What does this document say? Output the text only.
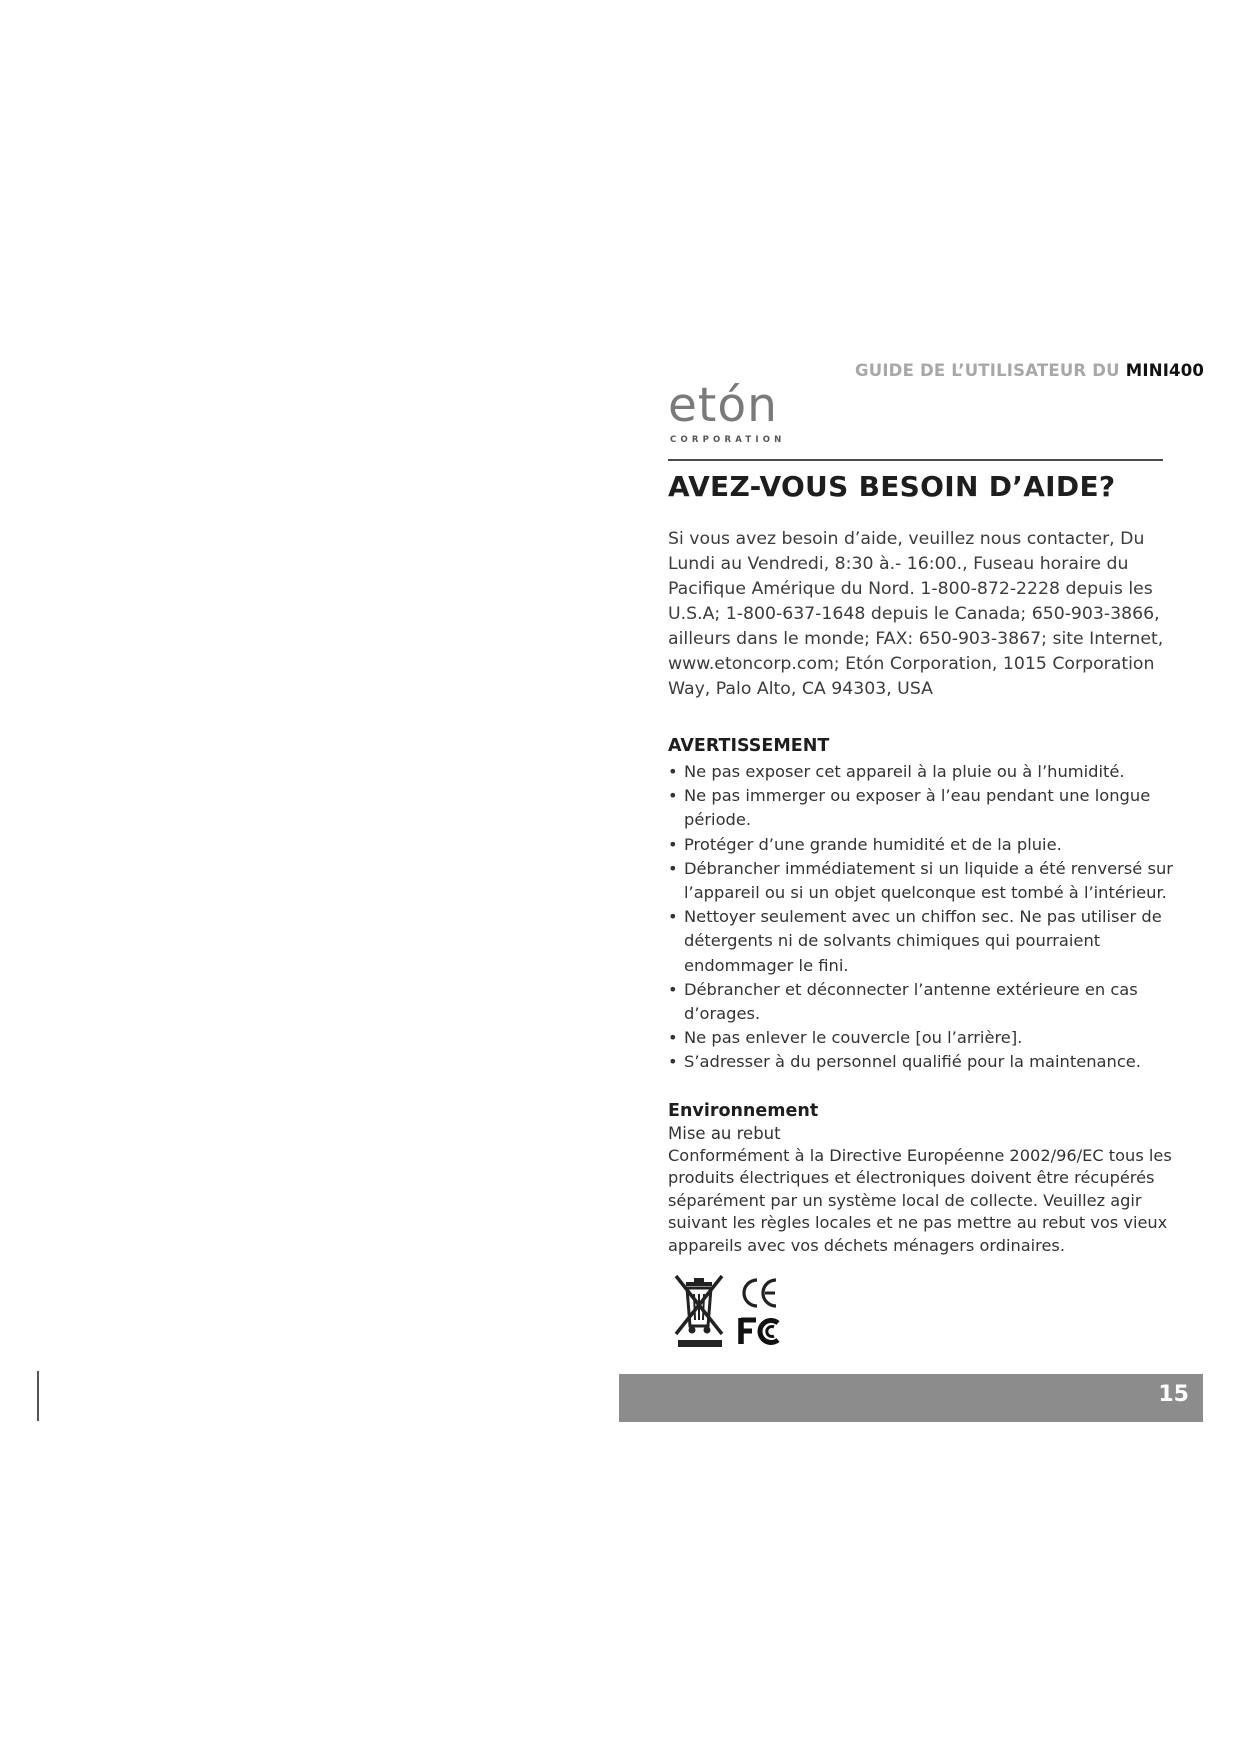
GUIDE DE L’UTILISATEUR DU MINI400
etón
CORPORATION
AVEZ-VOUS BESOIN D’AIDE?

Si vous avez besoin d’aide, veuillez nous contacter, Du
Lundi au Vendredi, 8:30 à.- 16:00., Fuseau horaire du
Pacifique Amérique du Nord. 1-800-872-2228 depuis les
U.S.A; 1-800-637-1648 depuis le Canada; 650-903-3866,
ailleurs dans le monde; FAX: 650-903-3867; site Internet,
www.etoncorp.com; Etón Corporation, 1015 Corporation
Way, Palo Alto, CA 94303, USA

AVERTISSEMENT
• Ne pas exposer cet appareil à la pluie ou à l’humidité.
• Ne pas immerger ou exposer à l’eau pendant une longue période.
• Protéger d’une grande humidité et de la pluie.
• Débrancher immédiatement si un liquide a été renversé sur l’appareil ou si un objet quelconque est tombé à l’intérieur.
• Nettoyer seulement avec un chiffon sec. Ne pas utiliser de détergents ni de solvants chimiques qui pourraient endommager le fini.
• Débrancher et déconnecter l’antenne extérieure en cas d’orages.
• Ne pas enlever le couvercle [ou l’arrière].
• S’adresser à du personnel qualifié pour la maintenance.
Environnement

Mise au rebut

Conformément à la Directive Européenne 2002/96/EC tous les produits électriques et électroniques doivent être récupérés séparément par un système local de collecte. Veuillez agir suivant les règles locales et ne pas mettre au rebut vos vieux appareils avec vos déchets ménagers ordinaires.

15
